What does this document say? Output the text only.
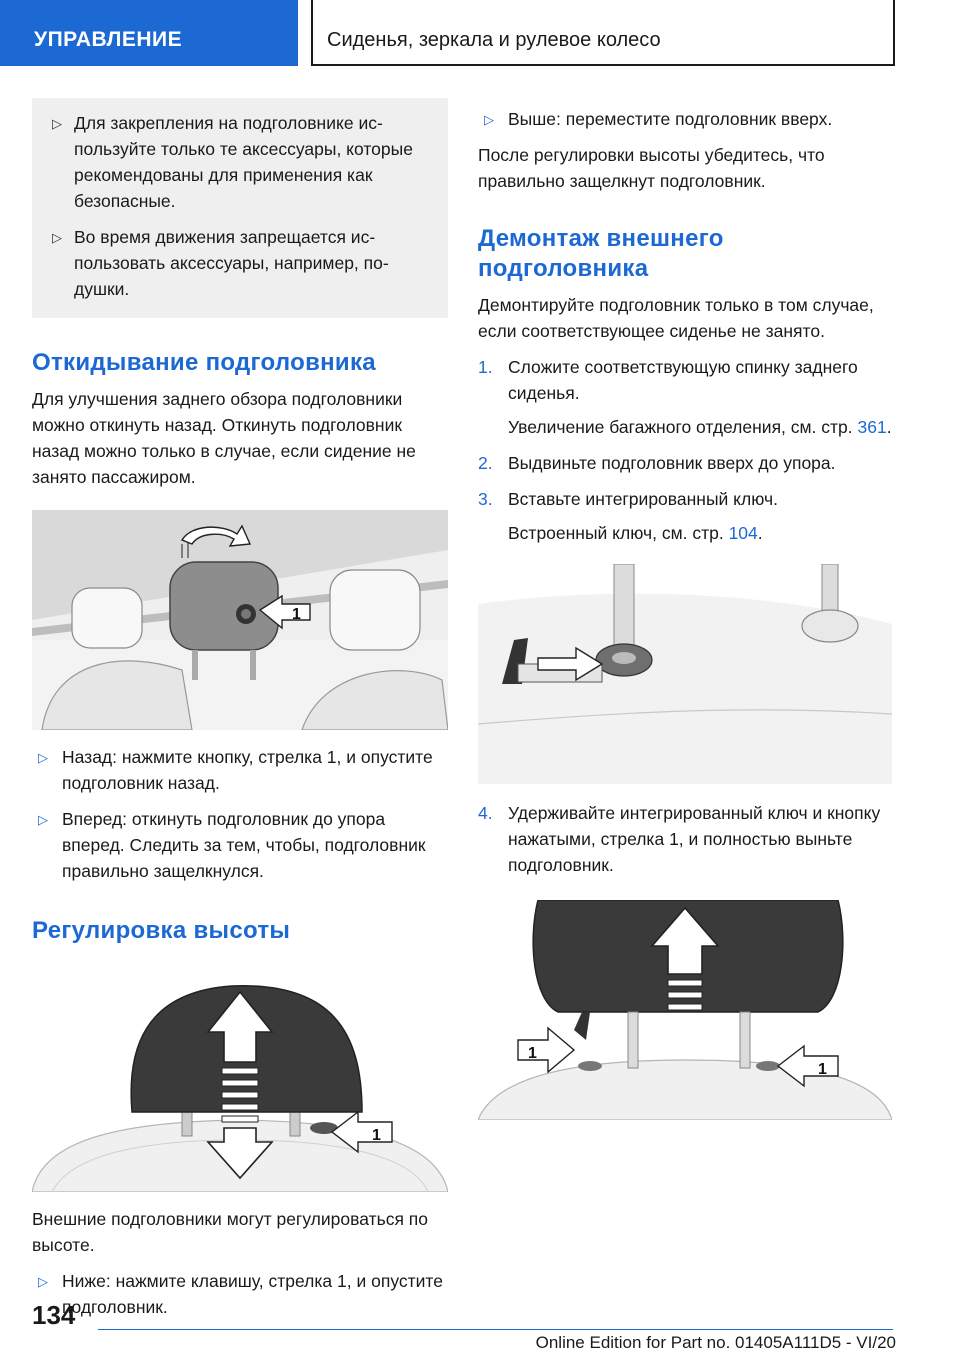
УПРАВЛЕНИЕ	Сиденья, зеркала и рулевое колесо
▷ Для закрепления на подголовнике используйте только те аксессуары, которые рекомендованы для применения как безопасные.
▷ Во время движения запрещается использовать аксессуары, например, подушки.
Откидывание подголовника

Для улучшения заднего обзора подголовники можно откинуть назад. Откинуть подголовник назад можно только в случае, если сидение не занято пассажиром.

1
▷ Назад: нажмите кнопку, стрелка 1, и опустите подголовник назад.
▷ Вперед: откинуть подголовник до упора вперед. Следить за тем, чтобы, подголовник правильно защелкнулся.
Регулировка высоты
1

Внешние подголовники могут регулироваться по высоте.

▷ Ниже: нажмите клавишу, стрелка 1, и опустите подголовник.
▷ Выше: переместите подголовник вверх.

После регулировки высоты убедитесь, что правильно защелкнут подголовник.

Демонтаж внешнего подголовника

Демонтируйте подголовник только в том случае, если соответствующее сиденье не занято.

1. Сложите соответствующую спинку заднего сиденья.
Увеличение багажного отделения, см. стр. 361.
2. Выдвиньте подголовник вверх до упора.
3. Вставьте интегрированный ключ.
Встроенный ключ, см. стр. 104.
4. Удерживайте интегрированный ключ и кнопку нажатыми, стрелка 1, и полностью выньте подголовник.
1
1
134
Online Edition for Part no. 01405A111D5 - VI/20
